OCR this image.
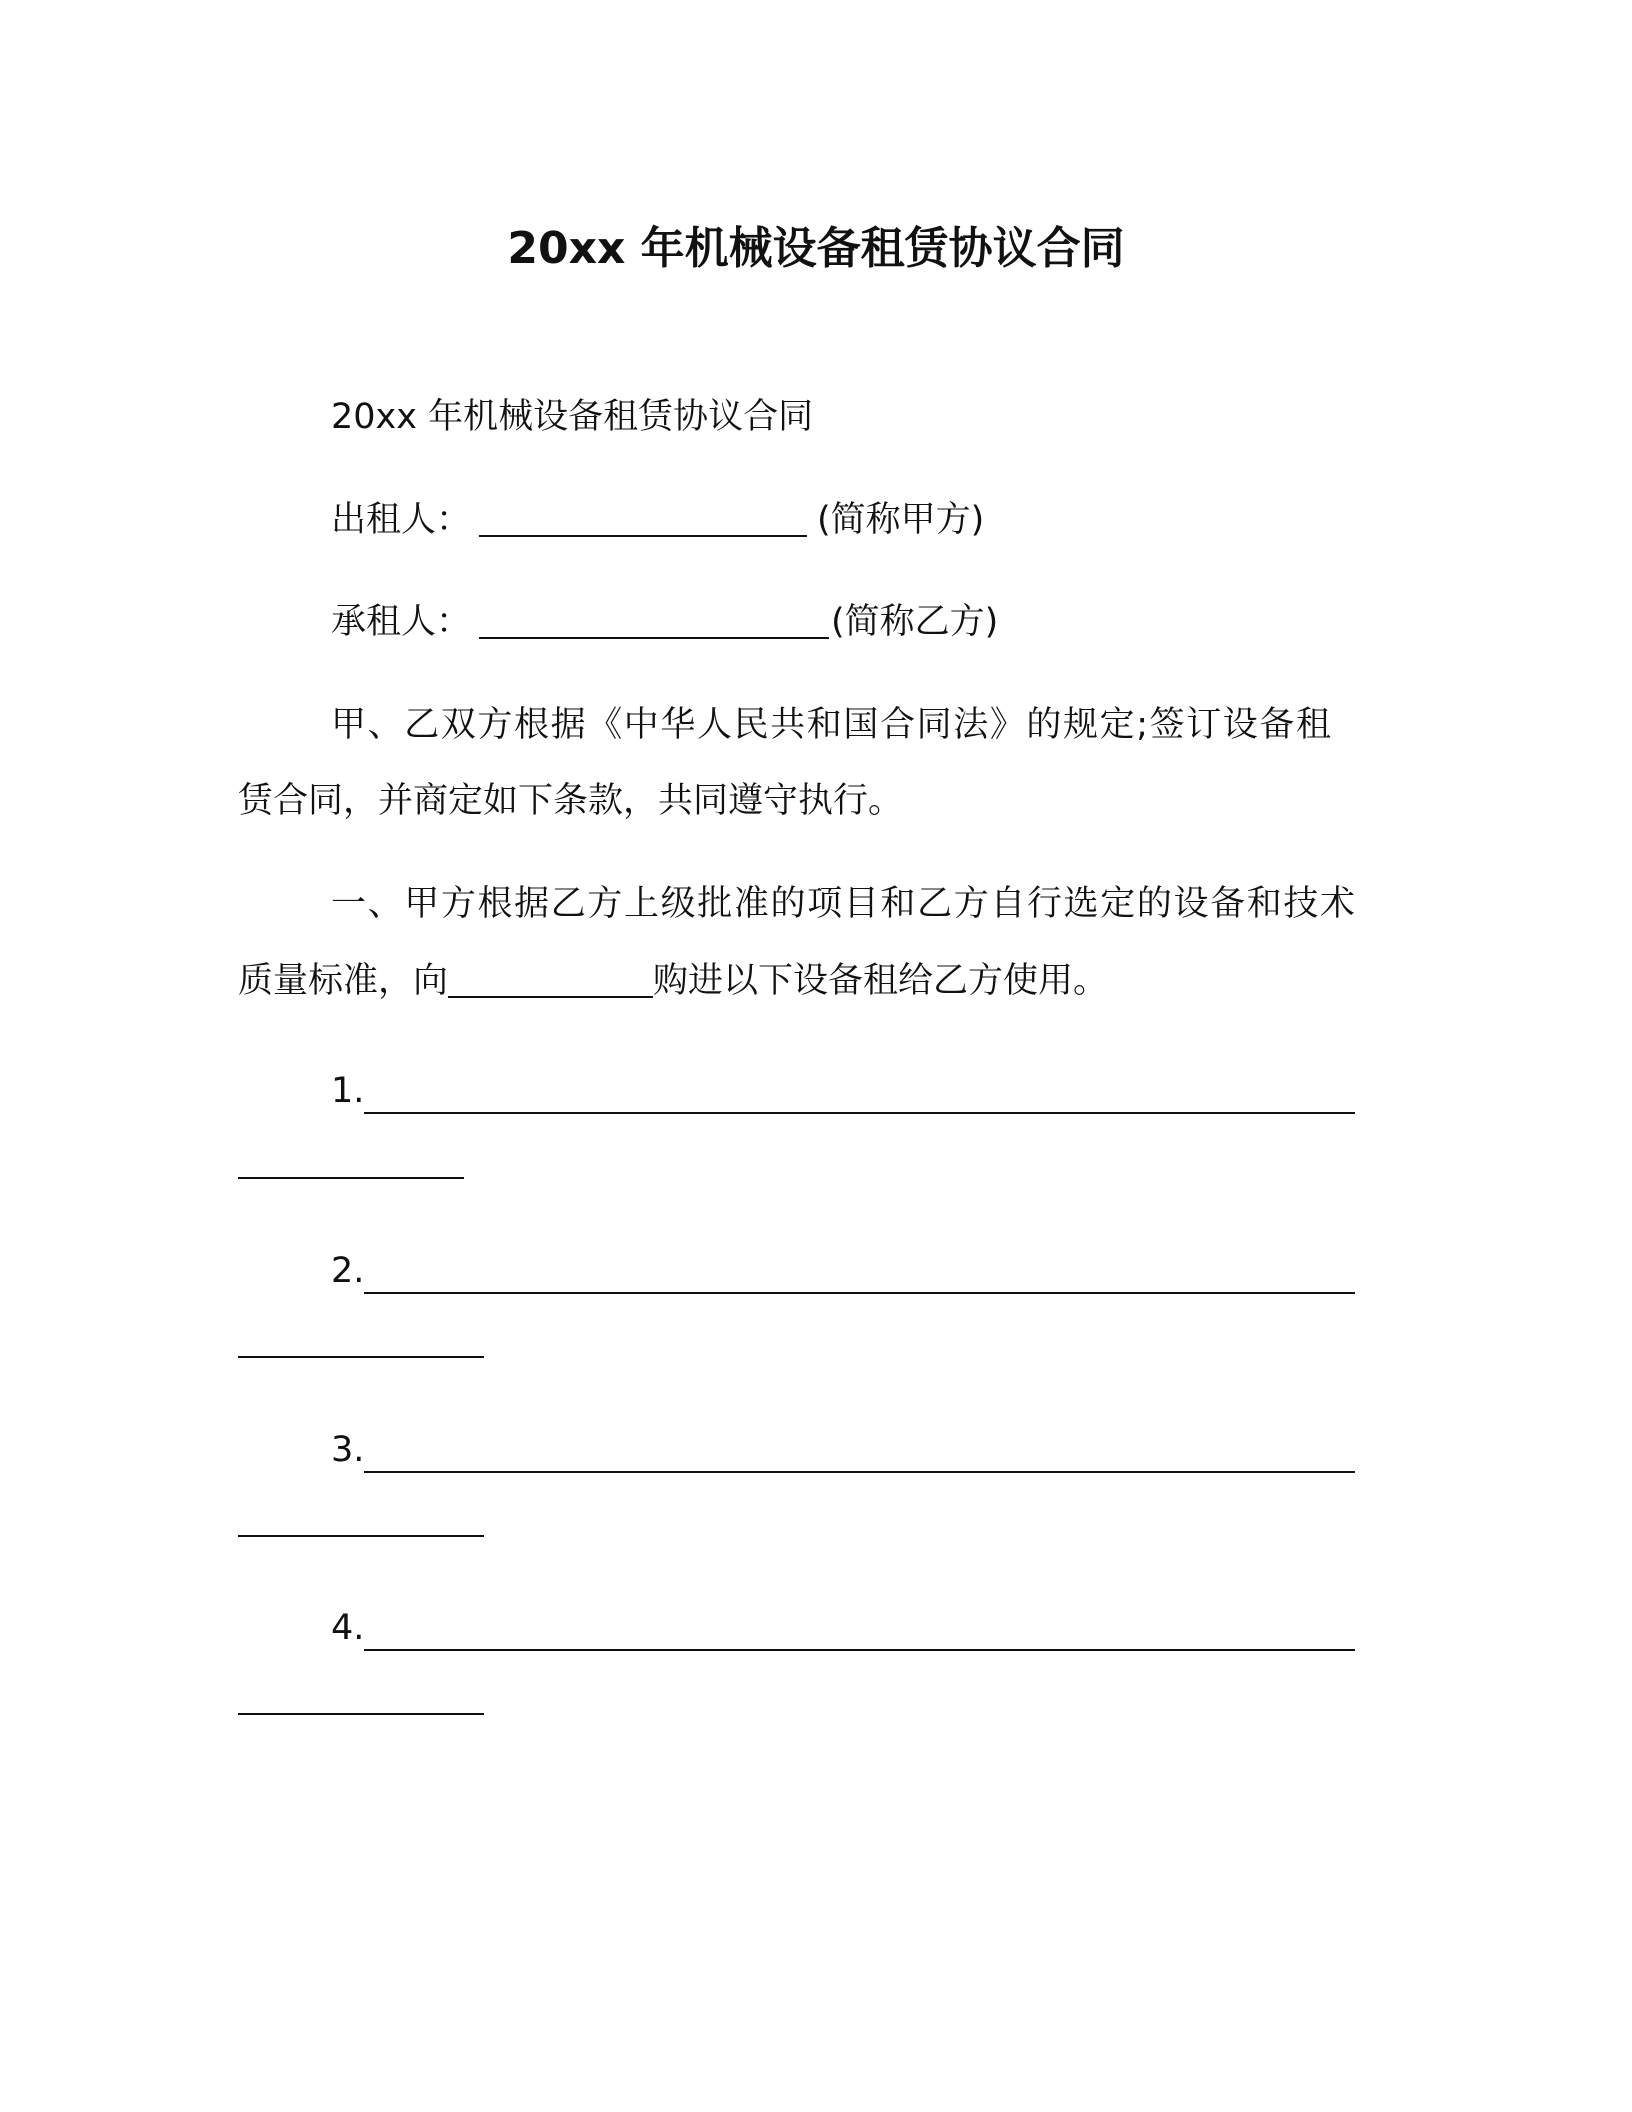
20xx 年机械设备租赁协议合同
20xx 年机械设备租赁协议合同
出租人：	(简称甲方)
承租人：	(简称乙方)
甲、乙双方根据《中华人民共和国合同法》的规定;签订设备租
赁合同，并商定如下条款，共同遵守执行。
一、甲方根据乙方上级批准的项目和乙方自行选定的设备和技术
质量标准，向	购进以下设备租给乙方使用。
1.
2.
3.
4.
